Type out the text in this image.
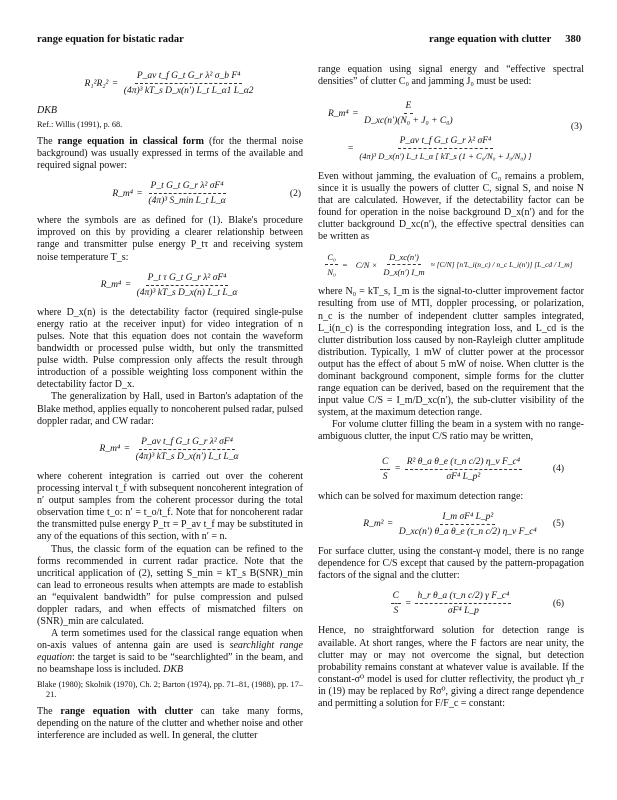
range equation for bistatic radar	range equation with clutter 380
$R_1^2R_2^2 = \frac{\text{P\_av t\_f G\_t G\_r λ² σ\_b F⁴}}{\text{(4π)³ kT\_s D\_x(n′) L\_t L\_α1 L\_α2}}$

DKB

Ref.: Willis (1991), p. 68.

The range equation in classical form (for the thermal noise background) was usually expressed in terms of the available and required signal power:

R_m⁴ = $\frac{\text{P\_t G\_t G\_r λ² σF⁴}}{\text{(4π)³ S\_min L\_t L\_α}}$	(2)

where the symbols are as defined for (1). Blake's procedure improved on this by providing a clearer relationship between range and transmitter pulse energy P_tτ and receiving system noise temperature T_s:

R_m⁴ = $\frac{\text{P\_t τ G\_t G\_r λ² σF⁴}}{\text{(4π)³ kT\_s D\_x(n) L\_t L\_α}}$

where D_x(n) is the detectability factor (required single-pulse energy ratio at the receiver input) for video integration of n pulses. Note that this equation does not contain the waveform bandwidth or processed pulse width, but only the transmitted pulse width. Pulse compression only affects the result through introduction of a possible weighting loss component within the detectability factor D_x.

The generalization by Hall, used in Barton's adaptation of the Blake method, applies equally to noncoherent pulsed radar, pulsed doppler radar, and CW radar:

R_m⁴ = $\frac{\text{P\_av t\_f G\_t G\_r λ² σF⁴}}{\text{(4π)³ kT\_s D\_x(n′) L\_t L\_α}}$

where coherent integration is carried out over the coherent processing interval t_f with subsequent noncoherent integration of n′ output samples from the coherent processor during the total observation time t_o: n′ = t_o/t_f. Note that for noncoherent radar the transmitted pulse energy P_tτ = P_av t_f may be substituted in any of the equations of this section, with n′ = n.

Thus, the classic form of the equation can be refined to the forms recommended in current radar practice. Note that the uncritical application of (2), setting S_min = kT_s B(SNR)_min can lead to erroneous results when attempts are made to establish an “equivalent bandwidth” for pulse compression and pulsed doppler radars, and when effects of mismatched filters on (SNR)_min are calculated.

A term sometimes used for the classical range equation when on-axis values of antenna gain are used is searchlight range equation: the target is said to be “searchlighted” in the beam, and no beamshape loss is included. DKB

Blake (1980); Skolnik (1970), Ch. 2; Barton (1974), pp. 71–81, (1988), pp. 17–21.

The range equation with clutter can take many forms, depending on the nature of the clutter and whether noise and other interference are included as well. In general, the clutter

range equation using signal energy and “effective spectral densities” of clutter C₀ and jamming J₀ must be used:

R_m⁴ = $\frac{E}{\text{D\_xc(n′)(N₀ + J₀ + C₀)}}$
= $\frac{\text{P\_av t\_f G\_t G\_r λ² σF⁴}}{\text{(4π)³ D\_x(n′) L\_t L\_α [ kT\_s (1 + C₀/N₀ + J₀/N₀) ]}}$
(3)

Even without jamming, the evaluation of C₀ remains a problem, since it is usually the powers of clutter C, signal S, and noise N that are calculated. However, if the detectability factor can be found for operation in the noise background D_x(n′) and for the clutter background D_xc(n′), the effective spectral densities can be written as

$\frac{\text{C₀}}{\text{N₀}} = C/N \times \frac{D\_xc(n')}{D\_x(n') I\_m} \approx [C/N]$ [n′L_i(n_c) / n_c L_i(n′)] [L_cd / I_m]

where N₀ = kT_s, I_m is the signal-to-clutter improvement factor resulting from use of MTI, doppler processing, or polarization, n_c is the number of independent clutter samples integrated, L_i(n_c) is the corresponding integration loss, and L_cd is the clutter distribution loss caused by non-Rayleigh clutter amplitude distribution. Typically, 1 mW of clutter power at the processor output has the effect of about 5 mW of noise. When clutter is the dominant background component, simple forms for the clutter range equation can be derived, based on the requirement that the input value C/S = I_m/D_xc(n′), the sub-clutter visibility of the system, at the maximum detection range.

For volume clutter filling the beam in a system with no range-ambiguous clutter, the input C/S ratio may be written,

$\frac{C}{S} = \frac{\text{R² θ\_a θ\_e (τ\_n c/2) η\_v F\_c⁴}}{\text{σF⁴ L\_p²}}$	(4)

which can be solved for maximum detection range:

R_m² = $\frac{\text{I\_m σF⁴ L\_p²}}{\text{D\_xc(n′) θ\_a θ\_e (τ\_n c/2) η\_v F\_c⁴}} (5)$

For surface clutter, using the constant-γ model, there is no range dependence for C/S except that caused by the pattern-propagation factors of the signal and the clutter:

$\frac{C}{S} = \frac{\text{h\_r θ\_a (τ\_n c/2) γ F\_c⁴}}{\text{σF⁴ L\_p}}$	(6)

Hence, no straightforward solution for detection range is available. At short ranges, where the F factors are near unity, the clutter may or may not overcome the signal, but detection probability remains constant at whatever value is available. If the constant-σ⁰ model is used for clutter reflectivity, the product γh_r in (19) may be replaced by Rσ⁰, giving a direct range dependence and permitting a solution for F/F_c = constant:
